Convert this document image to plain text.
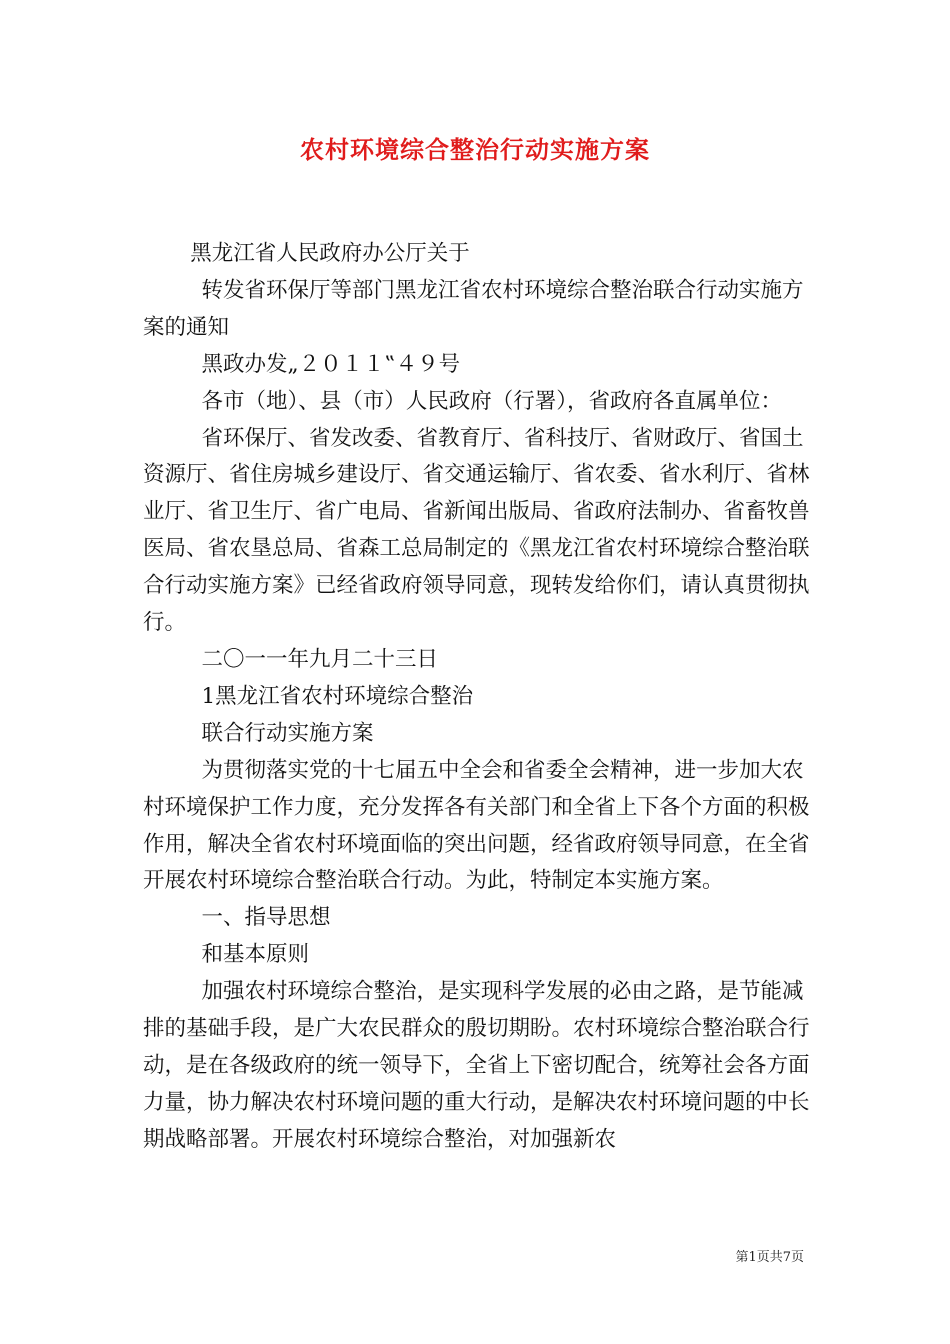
农村环境综合整治行动实施方案

黑龙江省人民政府办公厅关于

转发省环保厅等部门黑龙江省农村环境综合整治联合行动实施方案的通知

黑政办发„２０１１‟４９号

各市（地）、县（市）人民政府（行署），省政府各直属单位：

省环保厅、省发改委、省教育厅、省科技厅、省财政厅、省国土资源厅、省住房城乡建设厅、省交通运输厅、省农委、省水利厅、省林业厅、省卫生厅、省广电局、省新闻出版局、省政府法制办、省畜牧兽医局、省农垦总局、省森工总局制定的《黑龙江省农村环境综合整治联合行动实施方案》已经省政府领导同意，现转发给你们，请认真贯彻执行。

二〇一一年九月二十三日

1黑龙江省农村环境综合整治

联合行动实施方案

为贯彻落实党的十七届五中全会和省委全会精神，进一步加大农村环境保护工作力度，充分发挥各有关部门和全省上下各个方面的积极作用，解决全省农村环境面临的突出问题，经省政府领导同意，在全省开展农村环境综合整治联合行动。为此，特制定本实施方案。

一、指导思想

和基本原则

加强农村环境综合整治，是实现科学发展的必由之路，是节能减排的基础手段，是广大农民群众的殷切期盼。农村环境综合整治联合行动，是在各级政府的统一领导下，全省上下密切配合，统筹社会各方面力量，协力解决农村环境问题的重大行动，是解决农村环境问题的中长期战略部署。开展农村环境综合整治，对加强新农

第1页共7页
